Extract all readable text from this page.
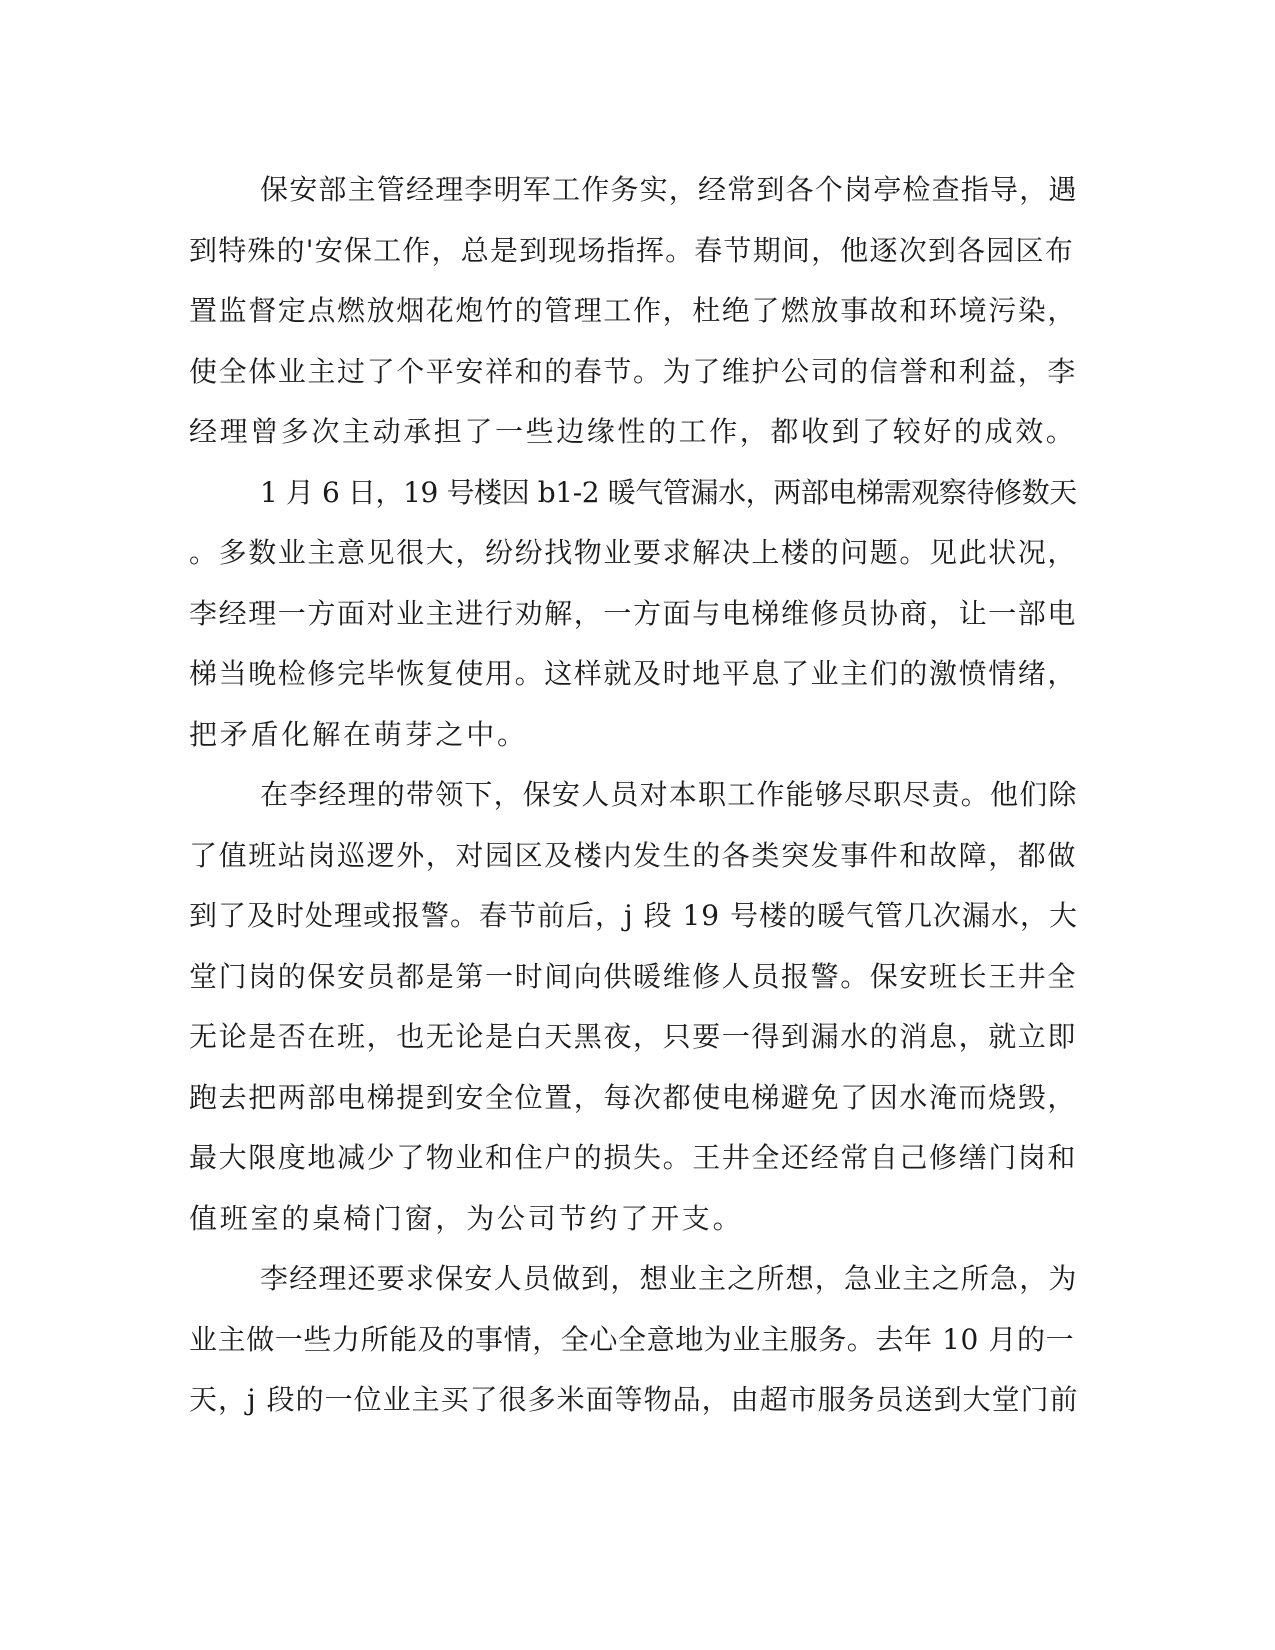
保安部主管经理李明军工作务实，经常到各个岗亭检查指导，遇
到特殊的'安保工作，总是到现场指挥。春节期间，他逐次到各园区布
置监督定点燃放烟花炮竹的管理工作，杜绝了燃放事故和环境污染，
使全体业主过了个平安祥和的春节。为了维护公司的信誉和利益，李
经理曾多次主动承担了一些边缘性的工作，都收到了较好的成效。
1 月 6 日，19 号楼因 b1-2 暖气管漏水，两部电梯需观察待修数天
。多数业主意见很大，纷纷找物业要求解决上楼的问题。见此状况，
李经理一方面对业主进行劝解，一方面与电梯维修员协商，让一部电
梯当晚检修完毕恢复使用。这样就及时地平息了业主们的激愤情绪，
把矛盾化解在萌芽之中。
在李经理的带领下，保安人员对本职工作能够尽职尽责。他们除
了值班站岗巡逻外，对园区及楼内发生的各类突发事件和故障，都做
到了及时处理或报警。春节前后，j 段 19 号楼的暖气管几次漏水，大
堂门岗的保安员都是第一时间向供暖维修人员报警。保安班长王井全
无论是否在班，也无论是白天黑夜，只要一得到漏水的消息，就立即
跑去把两部电梯提到安全位置，每次都使电梯避免了因水淹而烧毁，
最大限度地减少了物业和住户的损失。王井全还经常自己修缮门岗和
值班室的桌椅门窗，为公司节约了开支。
李经理还要求保安人员做到，想业主之所想，急业主之所急，为
业主做一些力所能及的事情，全心全意地为业主服务。去年 10 月的一
天，j 段的一位业主买了很多米面等物品，由超市服务员送到大堂门前
